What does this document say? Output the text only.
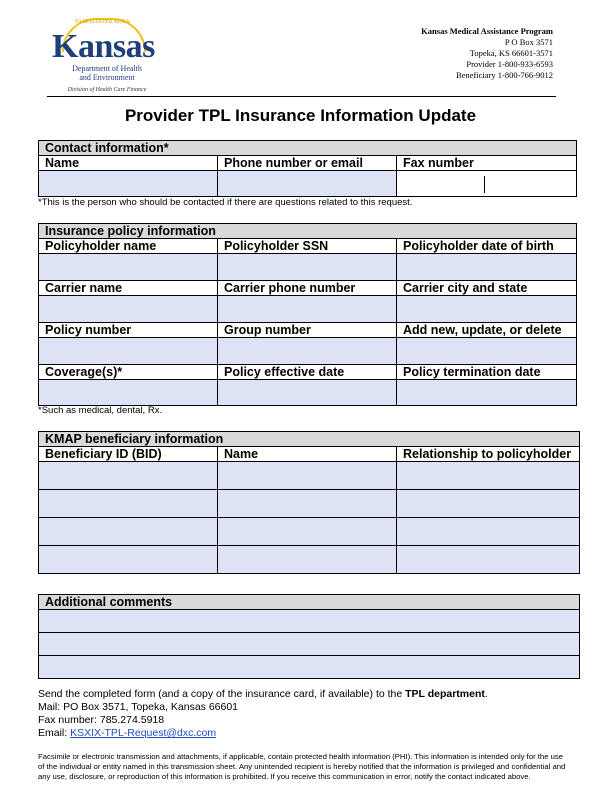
TO HEALTH PER ASTRA
Kansas
Department of Health
and Environment
Division of Health Care Finance
Kansas Medical Assistance Program
P O Box 3571
Topeka, KS 66601-3571
Provider 1-800-933-6593
Beneficiary 1-800-766-9012
Provider TPL Insurance Information Update
Contact information*		
Name	Phone number or email	Fax number

*This is the person who should be contacted if there are questions related to this request.
Insurance policy information		
Policyholder name	Policyholder SSN	Policyholder date of birth

Carrier name	Carrier phone number	Carrier city and state

Policy number	Group number	Add new, update, or delete

Coverage(s)*	Policy effective date	Policy termination date

*Such as medical, dental, Rx.
KMAP beneficiary information		
Beneficiary ID (BID)	Name	Relationship to policyholder

Additional comments

Send the completed form (and a copy of the insurance card, if available) to the TPL department.
Mail: PO Box 3571, Topeka, Kansas 66601
Fax number: 785.274.5918
Email: KSXIX-TPL-Request@dxc.com
Facsimile or electronic transmission and attachments, if applicable, contain protected health information (PHI). This information is intended only for the use of the individual or entity named in this transmission sheet. Any unintended recipient is hereby notified that the information is privileged and confidential and any use, disclosure, or reproduction of this information is prohibited. If you receive this communication in error, notify the contact indicated above.
